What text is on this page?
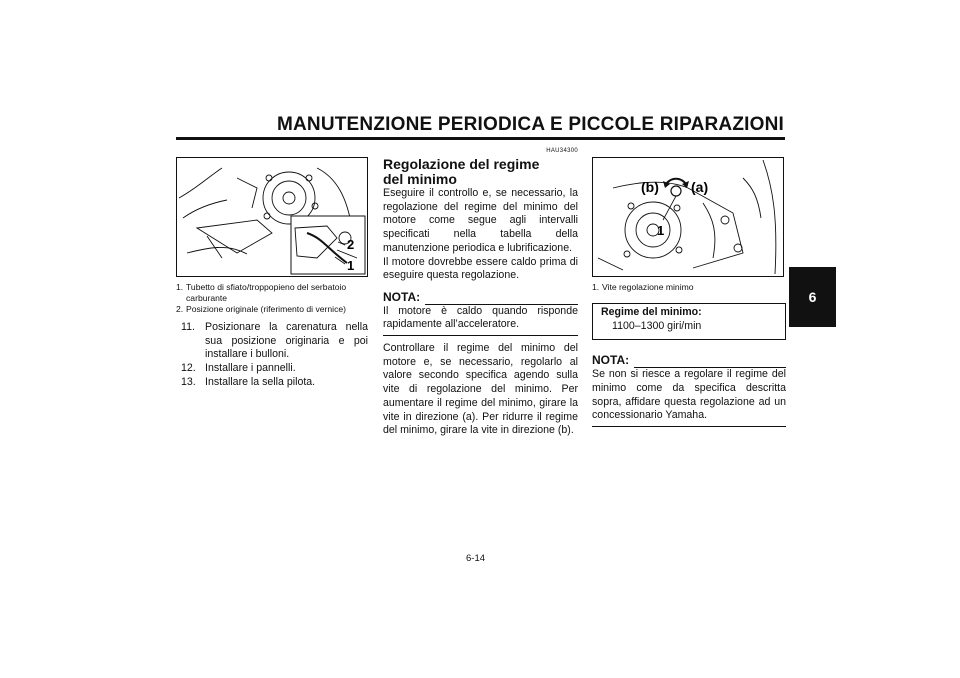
MANUTENZIONE PERIODICA E PICCOLE RIPARAZIONI
6
2
1
1. Tubetto di sfiato/troppopieno del serbatoio carburante
2. Posizione originale (riferimento di vernice)
11. Posizionare la carenatura nella sua posizione originaria e poi installare i bulloni.
12. Installare i pannelli.
13. Installare la sella pilota.
HAU34300
Regolazione del regime del minimo

Eseguire il controllo e, se necessario, la regolazione del regime del minimo del motore come segue agli intervalli specificati nella tabella della manutenzione periodica e lubrificazione.

Il motore dovrebbe essere caldo prima di eseguire questa regolazione.

NOTA:

Il motore è caldo quando risponde rapidamente all’acceleratore.

Controllare il regime del minimo del motore e, se necessario, regolarlo al valore secondo specifica agendo sulla vite di regolazione del minimo. Per aumentare il regime del minimo, girare la vite in direzione (a). Per ridurre il regime del minimo, girare la vite in direzione (b).

(b) (a)
1
1. Vite regolazione minimo
Regime del minimo:
1100–1300 giri/min
NOTA:

Se non si riesce a regolare il regime del minimo come da specifica descritta sopra, affidare questa regolazione ad un concessionario Yamaha.

6-14
